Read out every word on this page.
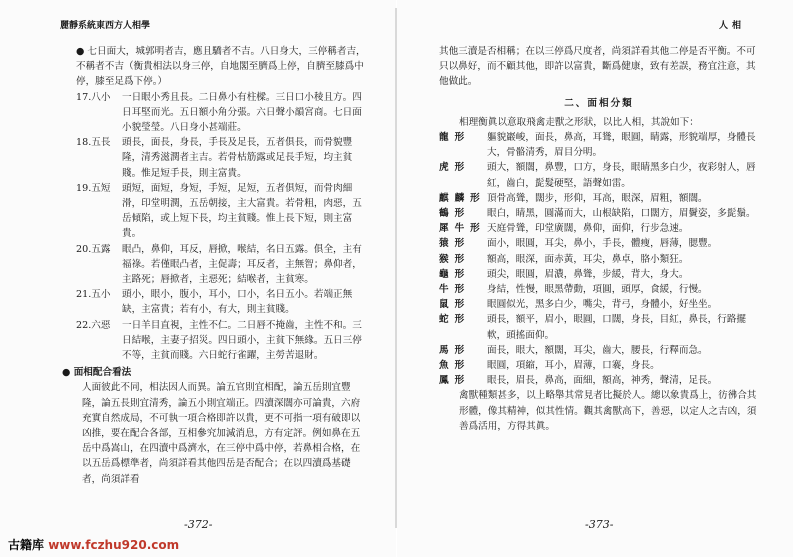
麗靜系統東西方人相學

● 七日面大，城郭明者吉，應且驕者不吉。八日身大，三停稱者吉，不稱者不吉（衡貴相法以身三停，自地閣至臍爲上停，自臍至膝爲中停，膝至足爲下停。）

17.八小	一日眼小秀且長。二日鼻小有柱樑。三日口小稜且方。四日耳堅而光。五日額小角分張。六日聲小韻宮商。七日面小貌瑩瑩。八日身小甚端莊。
18.五長	頭長，面長，身長，手長及足長，五者俱長，而骨貌豐隆，清秀滋潤者主吉。若骨枯筋露或足長手短，均主貧賤。惟足短手長，則主富貴。
19.五短	頭短，面短，身短，手短，足短，五者俱短，而骨肉細滑，印堂明潤，五岳朝接，主大富貴。若骨粗，肉惡，五岳傾陷，或上短下長，均主貧賤。惟上長下短，則主富貴。
20.五露	眼凸，鼻仰，耳反，唇掀，喉結，名日五露。俱全，主有福祿。若僅眼凸者，主促壽；耳反者，主無智；鼻仰者，主路死；唇掀者，主惡死；結喉者，主貧寒。
21.五小	頭小，眼小，腹小，耳小，口小，名日五小。若端正無缺，主富貴；若有小，有大，則主貧賤。
22.六惡	一日羊目直視，主性不仁。二日唇不掩齒，主性不和。三日結喉，主妻子招災。四日頭小，主貧下無緣。五日三停不等，主貧而賤。六日蛇行雀躍，主勞苦退財。

● 面相配合看法

人面彼此不同，相法因人而異。論五官則宜相配，論五岳則宜豐隆，論五長則宜清秀，論五小則宜端正。四瀆深闊亦可論貴，六府充實自然成局，不可執一項合格即許以貴，更不可指一項有破即以凶推，要在配合各部，互相參究加減消息，方有定評。例如鼻在五岳中爲嵩山，在四瀆中爲濟水，在三停中爲中停，若鼻相合格，在以五岳爲標準者，尚須詳看其他四岳是否配合；在以四瀆爲基礎者，尚須詳看

-372-
人相

其他三瀆是否相稱；在以三停爲尺度者，尚須詳看其他二停是否平衡。不可只以鼻好，而不顧其他，即許以富貴，斷爲健康，致有差誤，務宜注意，其他做此。

二、面相分類

相理衡眞以意取飛禽走獸之形狀，以比人相，其說如下：

龍形	軀貌巖峻，面長，鼻高，耳聳，眼圓，睛露，形貌端厚，身體長大，骨骼清秀，眉目分明。
虎形	頭大，額闊，鼻豐，口方，身長，眼睛黑多白少，夜彩射人，唇紅，齒白，髭髮硬堅，語聲如雷。
麒麟形 頂骨高聳，闊步，形仰，耳高，眼深，眉粗，額闊。
鶴形	眼白，睛黑，圓滿而大，山根缺陷，口闊方，眉鬢姿，多髭鬚。
犀牛形 天庭骨聳，印堂廣闊，鼻仰，面仰，行步急速。
猿形	面小，眼圓，耳尖，鼻小，手長，體瘦，唇薄，腮豐。
猴形	額高，眼深，面赤黃，耳尖，鼻卓，胳小類狂。
龜形	頭尖，眼圓，眉濃，鼻聳，步緩，背大，身大。
牛形	身結，性慢，眼黑帶動，項圓，頭厚，食緩，行慢。
鼠形	眼圓似光，黑多白少，嘴尖，背弓，身體小，好坐坐。
蛇形	頭長，額平，眉小，眼圓，口闊，身長，目紅，鼻長，行路擺軟，頭搖面仰。
馬形	面長，眼大，額闊，耳尖，齒大，腰長，行釋而急。
魚形	眼圓，項縮，耳小，眉薄，口褰，身長。
鳳形	眼長，眉長，鼻高，面細，額高，神秀，聲清，足長。

禽獸種類甚多，以上略舉其常見者比擬於人。總以象貴爲上，彷彿合其形體，像其精神，似其性情。觀其禽獸高下，善惡，以定人之吉凶，須善爲活用，方得其眞。

-373-
古籍库 www.fczhu920.com
